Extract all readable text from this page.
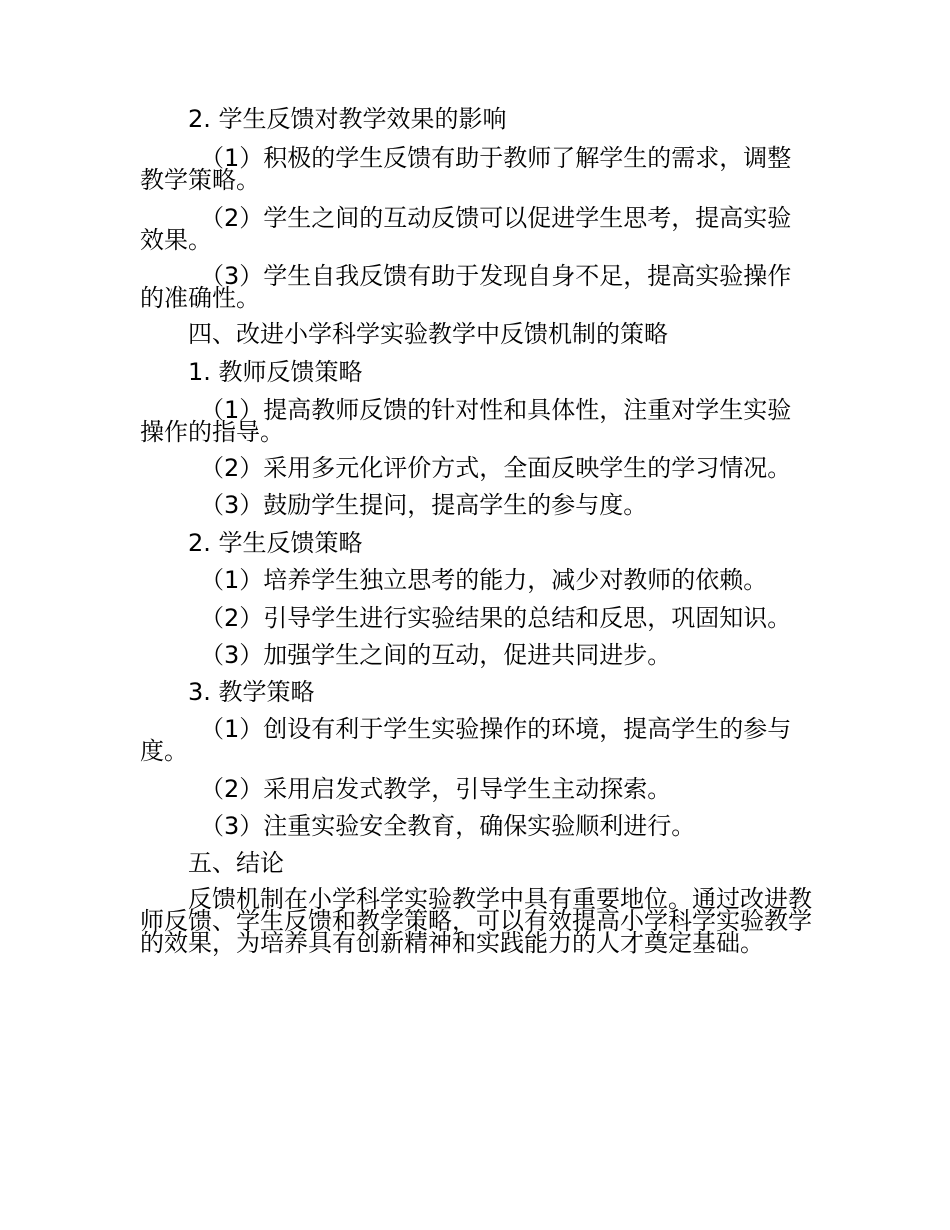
2. 学生反馈对教学效果的影响
（1）积极的学生反馈有助于教师了解学生的需求，调整教学策略。
（2）学生之间的互动反馈可以促进学生思考，提高实验效果。
（3）学生自我反馈有助于发现自身不足，提高实验操作的准确性。
四、改进小学科学实验教学中反馈机制的策略
1. 教师反馈策略
（1）提高教师反馈的针对性和具体性，注重对学生实验操作的指导。
（2）采用多元化评价方式，全面反映学生的学习情况。
（3）鼓励学生提问，提高学生的参与度。
2. 学生反馈策略
（1）培养学生独立思考的能力，减少对教师的依赖。
（2）引导学生进行实验结果的总结和反思，巩固知识。
（3）加强学生之间的互动，促进共同进步。
3. 教学策略
（1）创设有利于学生实验操作的环境，提高学生的参与度。
（2）采用启发式教学，引导学生主动探索。
（3）注重实验安全教育，确保实验顺利进行。
五、结论
反馈机制在小学科学实验教学中具有重要地位。通过改进教师反馈、学生反馈和教学策略，可以有效提高小学科学实验教学的效果，为培养具有创新精神和实践能力的人才奠定基础。
